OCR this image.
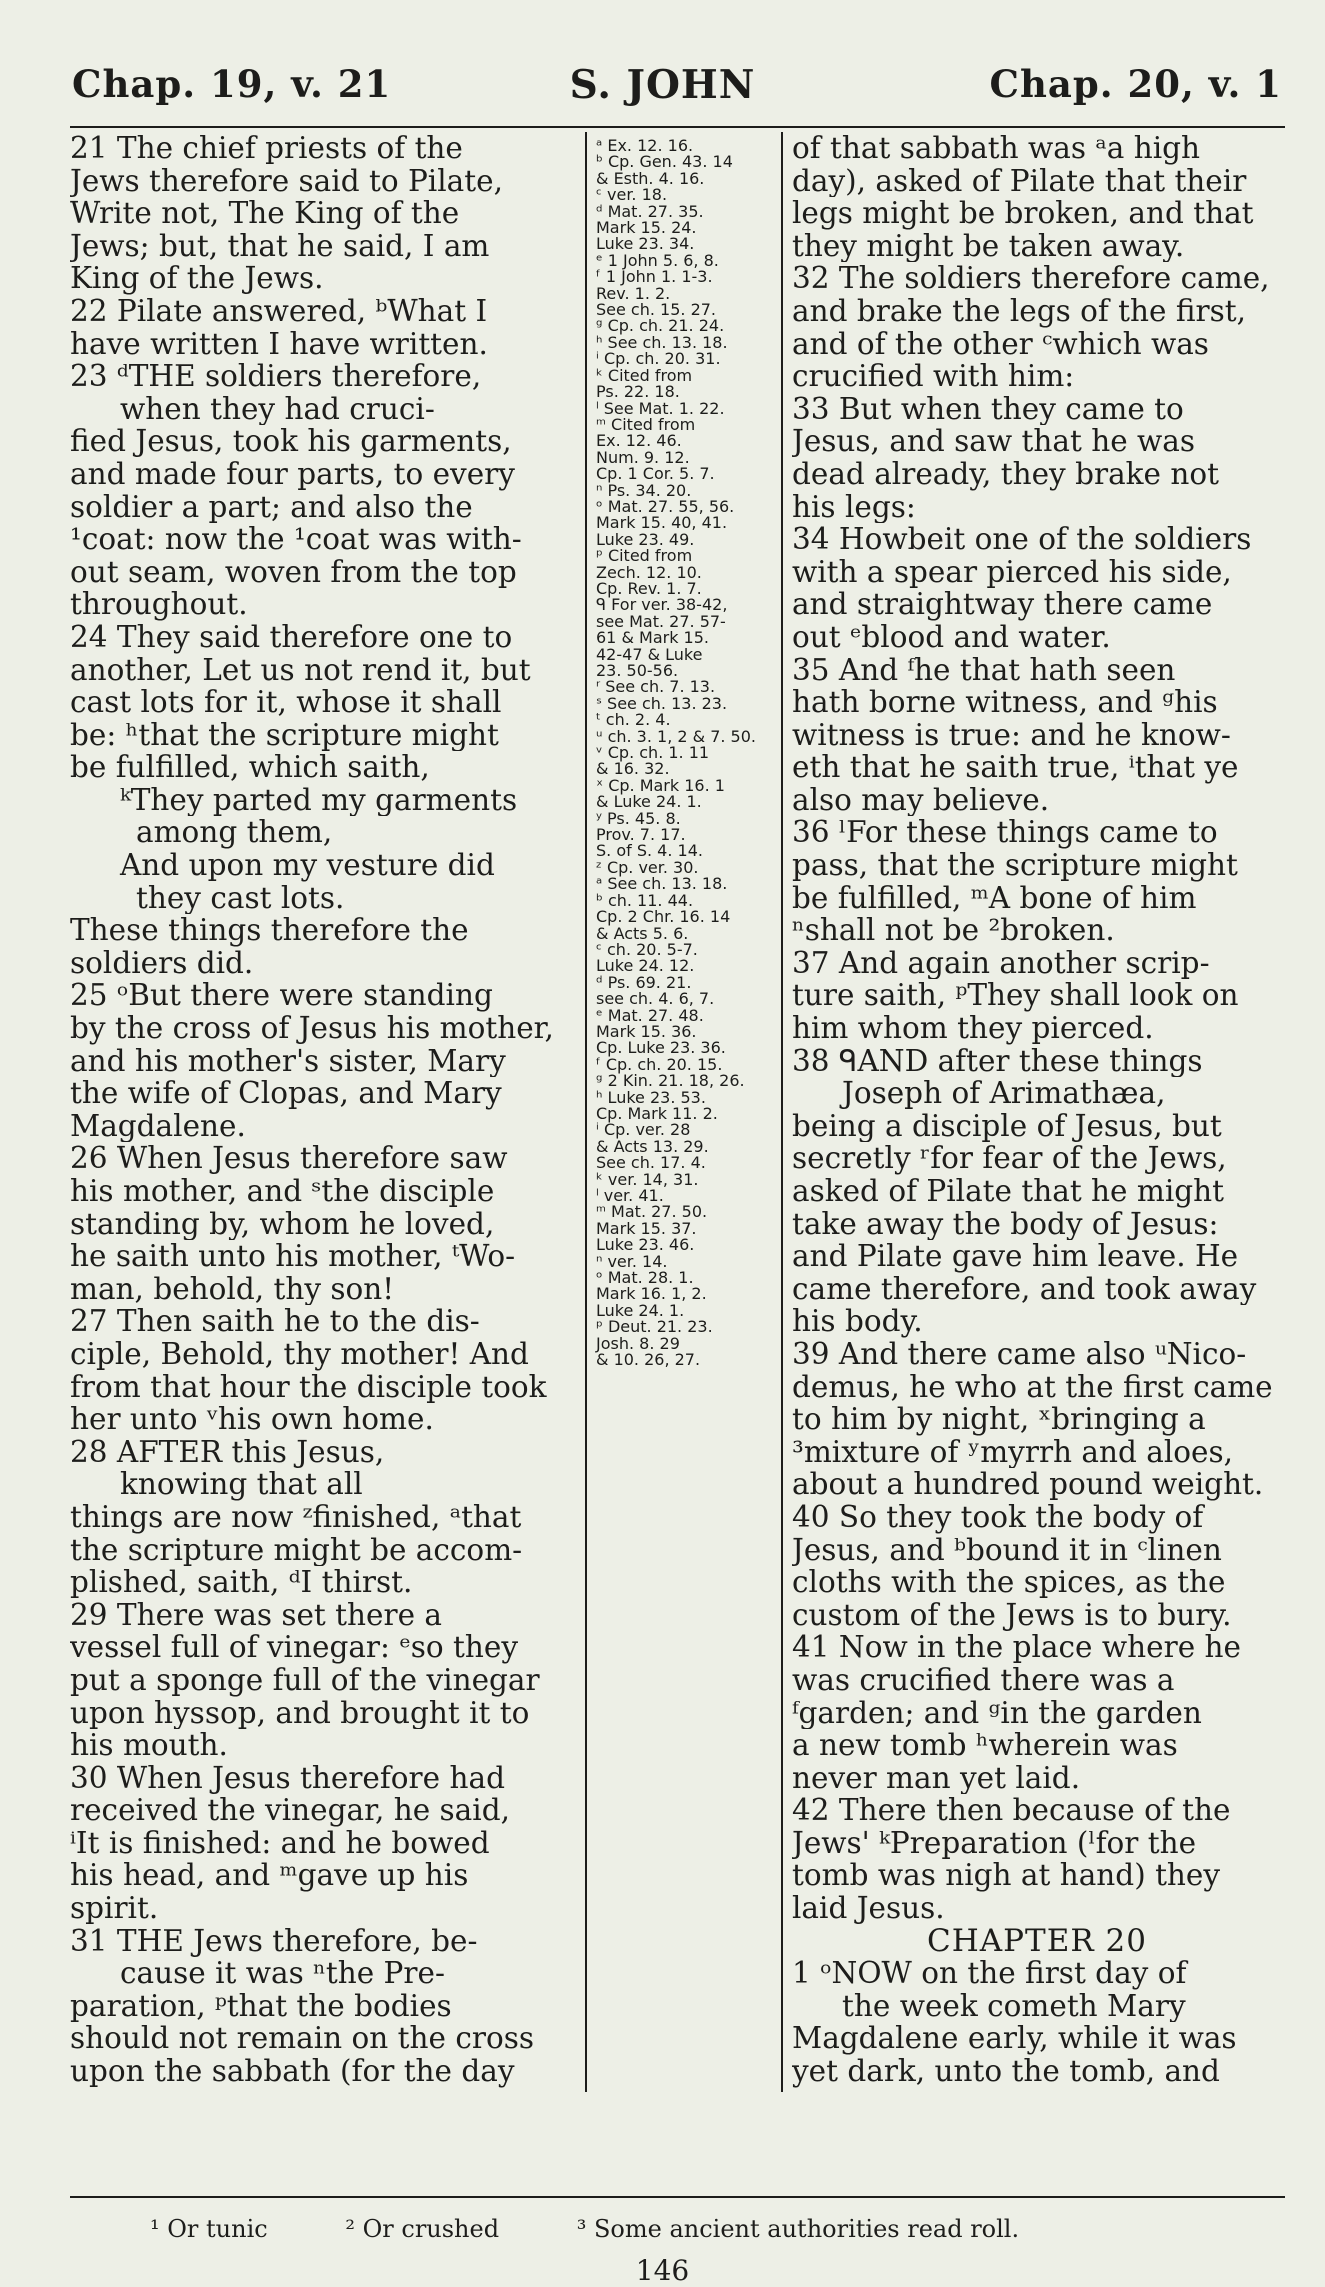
Chap. 19, v. 21	S. JOHN	Chap. 20, v. 1
21 The chief priests of the
Jews therefore said to Pilate,
Write not, The King of the
Jews; but, that he said, I am
King of the Jews.
22 Pilate answered, ᵇWhat I
have written I have written.
23 ᵈTHE soldiers therefore,
when they had cruci-
fied Jesus, took his garments,
and made four parts, to every
soldier a part; and also the
¹coat: now the ¹coat was with-
out seam, woven from the top
throughout.
24 They said therefore one to
another, Let us not rend it, but
cast lots for it, whose it shall
be: ʰthat the scripture might
be fulfilled, which saith,
ᵏThey parted my garments
among them,
And upon my vesture did
they cast lots.
These things therefore the
soldiers did.
25 ᵒBut there were standing
by the cross of Jesus his mother,
and his mother's sister, Mary
the wife of Clopas, and Mary
Magdalene.
26 When Jesus therefore saw
his mother, and ˢthe disciple
standing by, whom he loved,
he saith unto his mother, ᵗWo-
man, behold, thy son!
27 Then saith he to the dis-
ciple, Behold, thy mother! And
from that hour the disciple took
her unto ᵛhis own home.
28 AFTER this Jesus,
knowing that all
things are now ᶻfinished, ᵃthat
the scripture might be accom-
plished, saith, ᵈI thirst.
29 There was set there a
vessel full of vinegar: ᵉso they
put a sponge full of the vinegar
upon hyssop, and brought it to
his mouth.
30 When Jesus therefore had
received the vinegar, he said,
ⁱIt is finished: and he bowed
his head, and ᵐgave up his
spirit.
31 THE Jews therefore, be-
cause it was ⁿthe Pre-
paration, ᵖthat the bodies
should not remain on the cross
upon the sabbath (for the day
ᵃ Ex. 12. 16.
ᵇ Cp. Gen. 43. 14
& Esth. 4. 16.
ᶜ ver. 18.
ᵈ Mat. 27. 35.
Mark 15. 24.
Luke 23. 34.
ᵉ 1 John 5. 6, 8.
ᶠ 1 John 1. 1-3.
Rev. 1. 2.
See ch. 15. 27.
ᵍ Cp. ch. 21. 24.
ʰ See ch. 13. 18.
ⁱ Cp. ch. 20. 31.
ᵏ Cited from
Ps. 22. 18.
ˡ See Mat. 1. 22.
ᵐ Cited from
Ex. 12. 46.
Num. 9. 12.
Cp. 1 Cor. 5. 7.
ⁿ Ps. 34. 20.
ᵒ Mat. 27. 55, 56.
Mark 15. 40, 41.
Luke 23. 49.
ᵖ Cited from
Zech. 12. 10.
Cp. Rev. 1. 7.
ᑫ For ver. 38-42,
see Mat. 27. 57-
61 & Mark 15.
42-47 & Luke
23. 50-56.
ʳ See ch. 7. 13.
ˢ See ch. 13. 23.
ᵗ ch. 2. 4.
ᵘ ch. 3. 1, 2 & 7. 50.
ᵛ Cp. ch. 1. 11
& 16. 32.
ˣ Cp. Mark 16. 1
& Luke 24. 1.
ʸ Ps. 45. 8.
Prov. 7. 17.
S. of S. 4. 14.
ᶻ Cp. ver. 30.
ᵃ See ch. 13. 18.
ᵇ ch. 11. 44.
Cp. 2 Chr. 16. 14
& Acts 5. 6.
ᶜ ch. 20. 5-7.
Luke 24. 12.
ᵈ Ps. 69. 21.
see ch. 4. 6, 7.
ᵉ Mat. 27. 48.
Mark 15. 36.
Cp. Luke 23. 36.
ᶠ Cp. ch. 20. 15.
ᵍ 2 Kin. 21. 18, 26.
ʰ Luke 23. 53.
Cp. Mark 11. 2.
ⁱ Cp. ver. 28
& Acts 13. 29.
See ch. 17. 4.
ᵏ ver. 14, 31.
ˡ ver. 41.
ᵐ Mat. 27. 50.
Mark 15. 37.
Luke 23. 46.
ⁿ ver. 14.
ᵒ Mat. 28. 1.
Mark 16. 1, 2.
Luke 24. 1.
ᵖ Deut. 21. 23.
Josh. 8. 29
& 10. 26, 27.
of that sabbath was ᵃa high
day), asked of Pilate that their
legs might be broken, and that
they might be taken away.
32 The soldiers therefore came,
and brake the legs of the first,
and of the other ᶜwhich was
crucified with him:
33 But when they came to
Jesus, and saw that he was
dead already, they brake not
his legs:
34 Howbeit one of the soldiers
with a spear pierced his side,
and straightway there came
out ᵉblood and water.
35 And ᶠhe that hath seen
hath borne witness, and ᵍhis
witness is true: and he know-
eth that he saith true, ⁱthat ye
also may believe.
36 ˡFor these things came to
pass, that the scripture might
be fulfilled, ᵐA bone of him
ⁿshall not be ²broken.
37 And again another scrip-
ture saith, ᵖThey shall look on
him whom they pierced.
38 ᑫAND after these things
Joseph of Arimathæa,
being a disciple of Jesus, but
secretly ʳfor fear of the Jews,
asked of Pilate that he might
take away the body of Jesus:
and Pilate gave him leave. He
came therefore, and took away
his body.
39 And there came also ᵘNico-
demus, he who at the first came
to him by night, ˣbringing a
³mixture of ʸmyrrh and aloes,
about a hundred pound weight.
40 So they took the body of
Jesus, and ᵇbound it in ᶜlinen
cloths with the spices, as the
custom of the Jews is to bury.
41 Now in the place where he
was crucified there was a
ᶠgarden; and ᵍin the garden
a new tomb ʰwherein was
never man yet laid.
42 There then because of the
Jews' ᵏPreparation (ˡfor the
tomb was nigh at hand) they
laid Jesus.
CHAPTER 20
1 ᵒNOW on the first day of
the week cometh Mary
Magdalene early, while it was
yet dark, unto the tomb, and
¹ Or tunic	² Or crushed	³ Some ancient authorities read roll.
146
